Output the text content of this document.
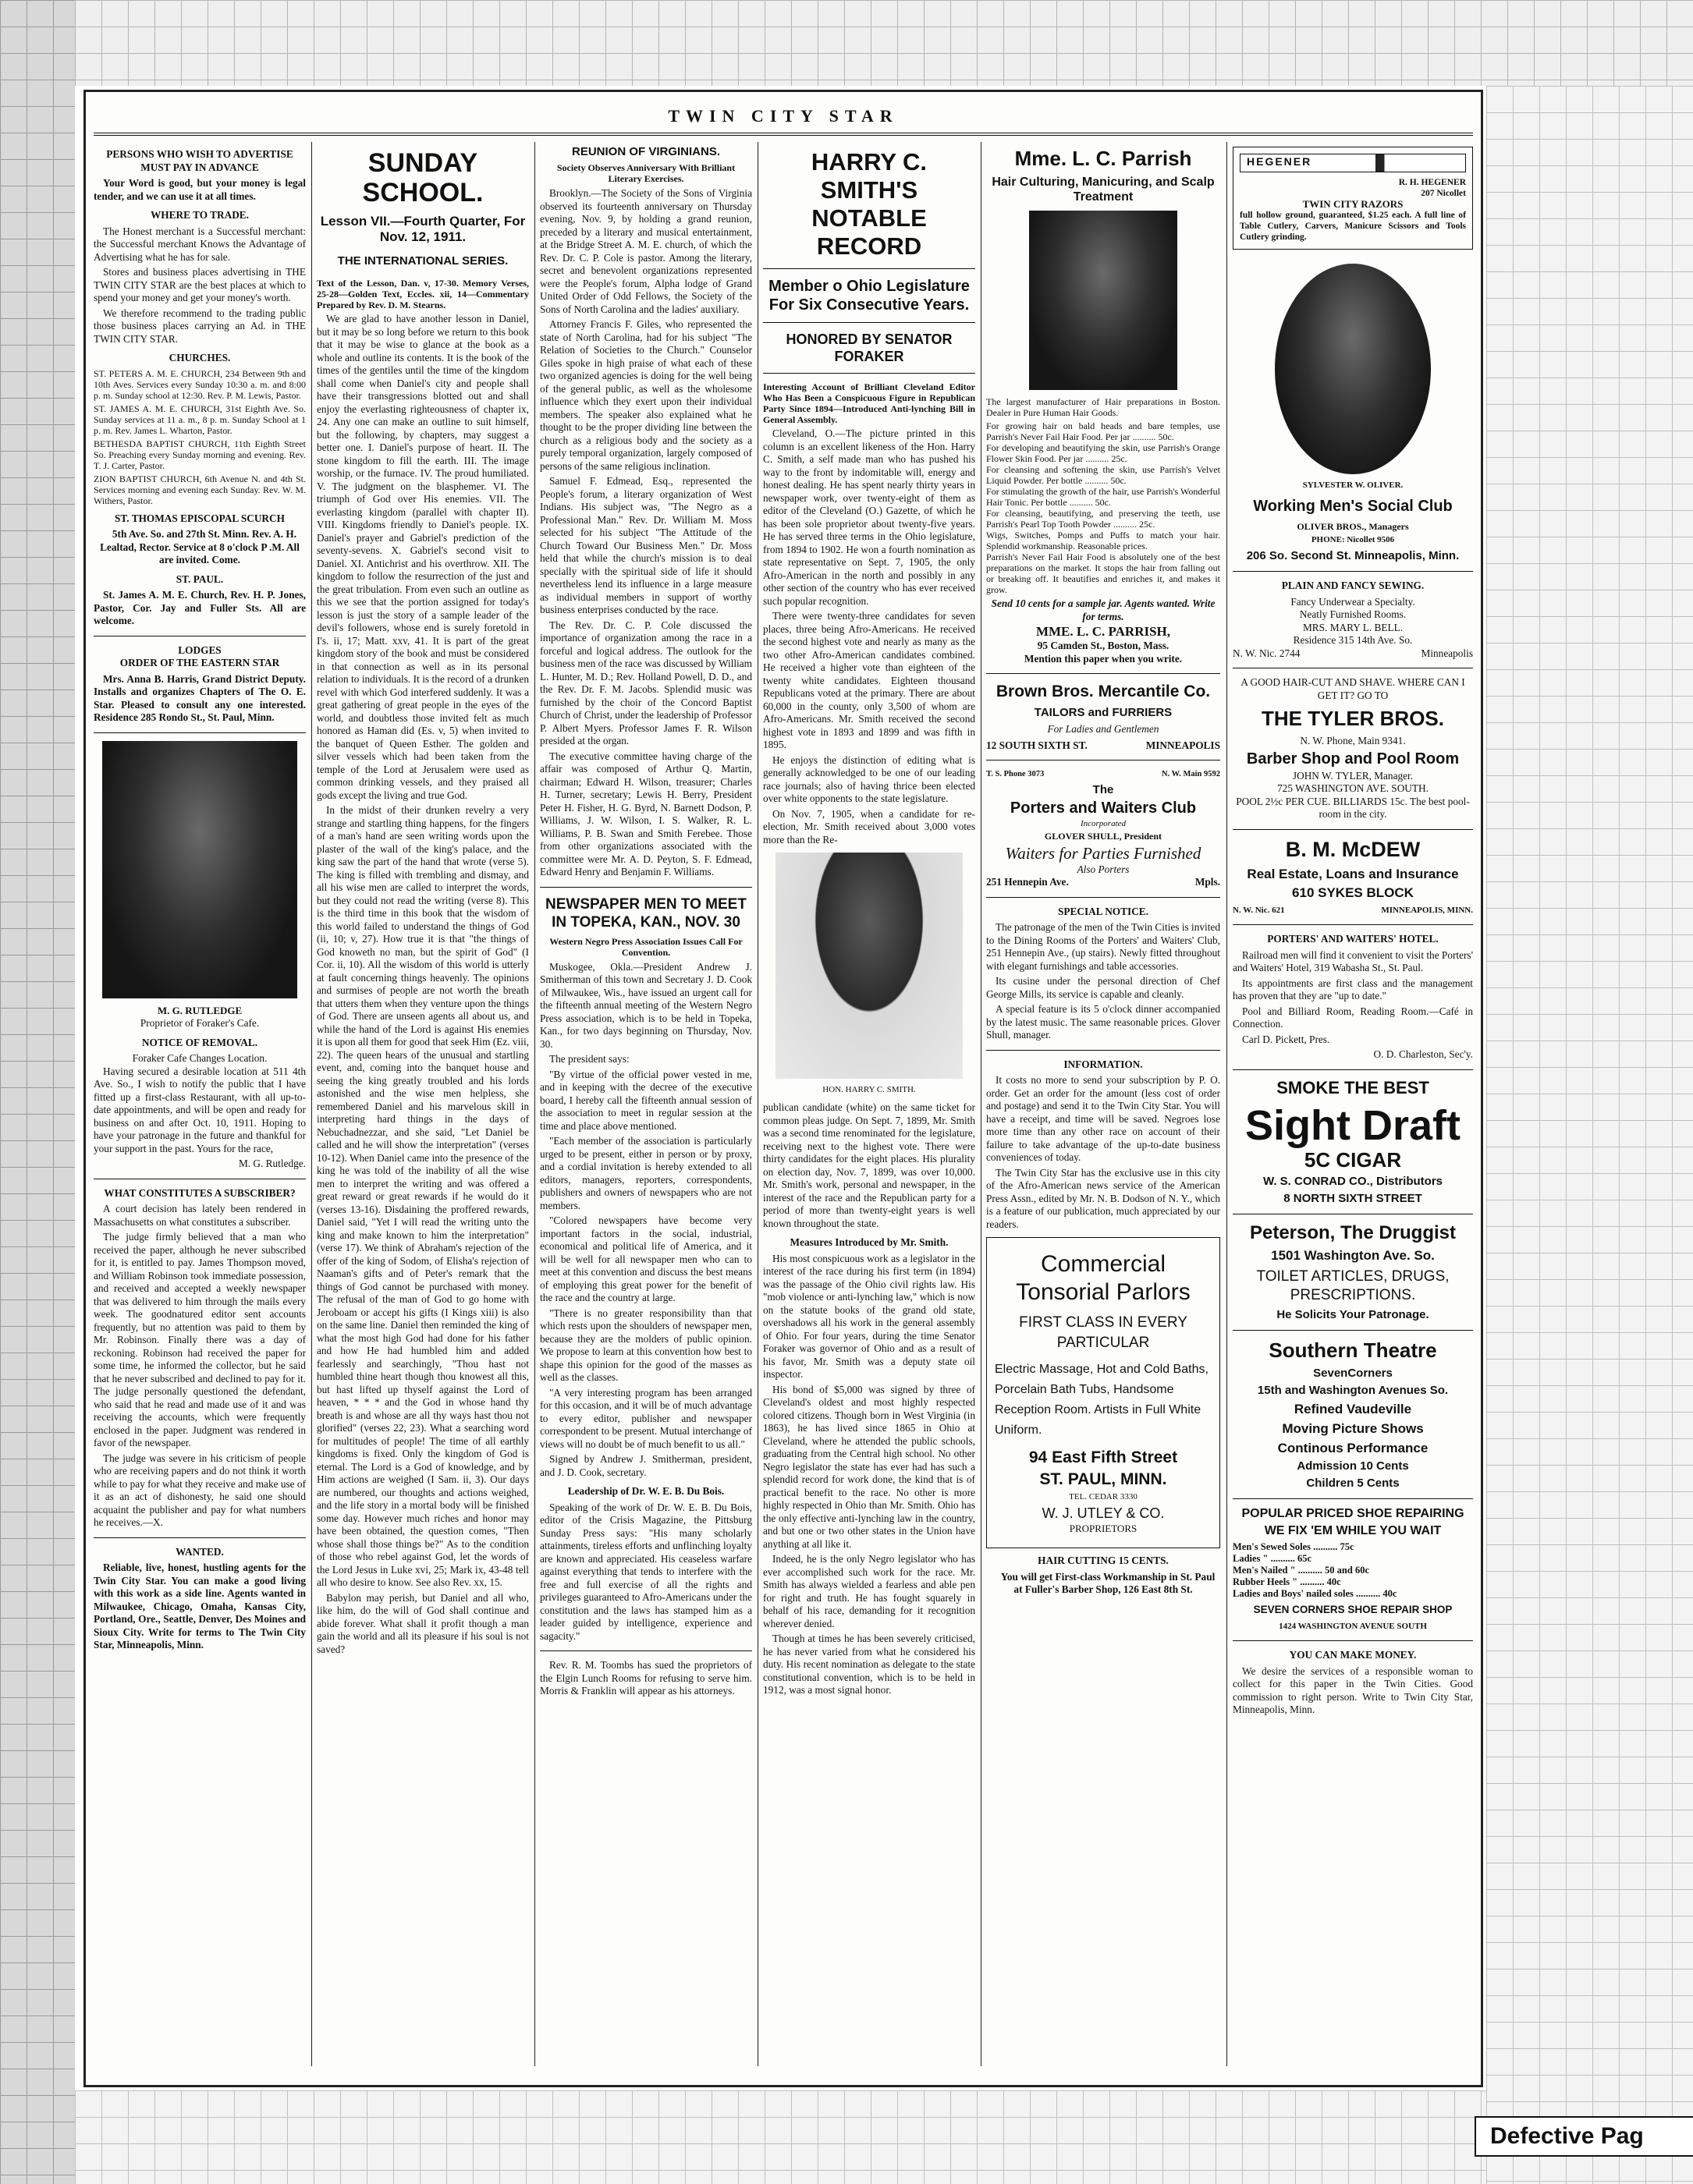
TWIN CITY STAR
PERSONS WHO WISH TO ADVERTISE MUST PAY IN ADVANCE

Your Word is good, but your money is legal tender, and we can use it at all times.

WHERE TO TRADE.

The Honest merchant is a Successful merchant: the Successful merchant Knows the Advantage of Advertising what he has for sale.

Stores and business places advertising in THE TWIN CITY STAR are the best places at which to spend your money and get your money's worth.

We therefore recommend to the trading public those business places carrying an Ad. in THE TWIN CITY STAR.

CHURCHES.

ST. PETERS A. M. E. CHURCH, 234 Between 9th and 10th Aves. Services every Sunday 10:30 a. m. and 8:00 p. m. Sunday school at 12:30. Rev. P. M. Lewis, Pastor.

ST. JAMES A. M. E. CHURCH, 31st Eighth Ave. So. Sunday services at 11 a. m., 8 p. m. Sunday School at 1 p. m. Rev. James L. Wharton, Pastor.

BETHESDA BAPTIST CHURCH, 11th Eighth Street So. Preaching every Sunday morning and evening. Rev. T. J. Carter, Pastor.

ZION BAPTIST CHURCH, 6th Avenue N. and 4th St. Services morning and evening each Sunday. Rev. W. M. Withers, Pastor.

ST. THOMAS EPISCOPAL SCURCH

5th Ave. So. and 27th St. Minn. Rev. A. H. Lealtad, Rector. Service at 8 o'clock P .M. All are invited. Come.

ST. PAUL.

St. James A. M. E. Church, Rev. H. P. Jones, Pastor, Cor. Jay and Fuller Sts. All are welcome.

LODGES
ORDER OF THE EASTERN STAR

Mrs. Anna B. Harris, Grand District Deputy. Installs and organizes Chapters of The O. E. Star. Pleased to consult any one interested. Residence 285 Rondo St., St. Paul, Minn.

M. G. RUTLEDGE
Proprietor of Foraker's Cafe.
NOTICE OF REMOVAL.
Foraker Cafe Changes Location.

Having secured a desirable location at 511 4th Ave. So., I wish to notify the public that I have fitted up a first-class Restaurant, with all up-to-date appointments, and will be open and ready for business on and after Oct. 10, 1911. Hoping to have your patronage in the future and thankful for your support in the past. Yours for the race,

M. G. Rutledge.

WHAT CONSTITUTES A SUBSCRIBER?

A court decision has lately been rendered in Massachusetts on what constitutes a subscriber.

The judge firmly believed that a man who received the paper, although he never subscribed for it, is entitled to pay. James Thompson moved, and William Robinson took immediate possession, and received and accepted a weekly newspaper that was delivered to him through the mails every week. The goodnatured editor sent accounts frequently, but no attention was paid to them by Mr. Robinson. Finally there was a day of reckoning. Robinson had received the paper for some time, he informed the collector, but he said that he never subscribed and declined to pay for it. The judge personally questioned the defendant, who said that he read and made use of it and was receiving the accounts, which were frequently enclosed in the paper. Judgment was rendered in favor of the newspaper.

The judge was severe in his criticism of people who are receiving papers and do not think it worth while to pay for what they receive and make use of it as an act of dishonesty, he said one should acquaint the publisher and pay for what numbers he receives.—X.

WANTED.

Reliable, live, honest, hustling agents for the Twin City Star. You can make a good living with this work as a side line. Agents wanted in Milwaukee, Chicago, Omaha, Kansas City, Portland, Ore., Seattle, Denver, Des Moines and Sioux City. Write for terms to The Twin City Star, Minneapolis, Minn.

SUNDAY SCHOOL.
Lesson VII.—Fourth Quarter, For Nov. 12, 1911.
THE INTERNATIONAL SERIES.

Text of the Lesson, Dan. v, 17-30. Memory Verses, 25-28—Golden Text, Eccles. xii, 14—Commentary Prepared by Rev. D. M. Stearns.

We are glad to have another lesson in Daniel, but it may be so long before we return to this book that it may be wise to glance at the book as a whole and outline its contents. It is the book of the times of the gentiles until the time of the kingdom shall come when Daniel's city and people shall have their transgressions blotted out and shall enjoy the everlasting righteousness of chapter ix, 24. Any one can make an outline to suit himself, but the following, by chapters, may suggest a better one. I. Daniel's purpose of heart. II. The stone kingdom to fill the earth. III. The image worship, or the furnace. IV. The proud humiliated. V. The judgment on the blasphemer. VI. The triumph of God over His enemies. VII. The everlasting kingdom (parallel with chapter II). VIII. Kingdoms friendly to Daniel's people. IX. Daniel's prayer and Gabriel's prediction of the seventy-sevens. X. Gabriel's second visit to Daniel. XI. Antichrist and his overthrow. XII. The kingdom to follow the resurrection of the just and the great tribulation. From even such an outline as this we see that the portion assigned for today's lesson is just the story of a sample leader of the devil's followers, whose end is surely foretold in I's. ii, 17; Matt. xxv, 41. It is part of the great kingdom story of the book and must be considered in that connection as well as in its personal relation to individuals. It is the record of a drunken revel with which God interfered suddenly. It was a great gathering of great people in the eyes of the world, and doubtless those invited felt as much honored as Haman did (Es. v, 5) when invited to the banquet of Queen Esther. The golden and silver vessels which had been taken from the temple of the Lord at Jerusalem were used as common drinking vessels, and they praised all gods except the living and true God.

In the midst of their drunken revelry a very strange and startling thing happens, for the fingers of a man's hand are seen writing words upon the plaster of the wall of the king's palace, and the king saw the part of the hand that wrote (verse 5). The king is filled with trembling and dismay, and all his wise men are called to interpret the words, but they could not read the writing (verse 8). This is the third time in this book that the wisdom of this world failed to understand the things of God (ii, 10; v, 27). How true it is that "the things of God knoweth no man, but the spirit of God" (I Cor. ii, 10). All the wisdom of this world is utterly at fault concerning things heavenly. The opinions and surmises of people are not worth the breath that utters them when they venture upon the things of God. There are unseen agents all about us, and while the hand of the Lord is against His enemies it is upon all them for good that seek Him (Ez. viii, 22). The queen hears of the unusual and startling event, and, coming into the banquet house and seeing the king greatly troubled and his lords astonished and the wise men helpless, she remembered Daniel and his marvelous skill in interpreting hard things in the days of Nebuchadnezzar, and she said, "Let Daniel be called and he will show the interpretation" (verses 10-12). When Daniel came into the presence of the king he was told of the inability of all the wise men to interpret the writing and was offered a great reward or great rewards if he would do it (verses 13-16). Disdaining the proffered rewards, Daniel said, "Yet I will read the writing unto the king and make known to him the interpretation" (verse 17). We think of Abraham's rejection of the offer of the king of Sodom, of Elisha's rejection of Naaman's gifts and of Peter's remark that the things of God cannot be purchased with money. The refusal of the man of God to go home with Jeroboam or accept his gifts (I Kings xiii) is also on the same line. Daniel then reminded the king of what the most high God had done for his father and how He had humbled him and added fearlessly and searchingly, "Thou hast not humbled thine heart though thou knowest all this, but hast lifted up thyself against the Lord of heaven, * * * and the God in whose hand thy breath is and whose are all thy ways hast thou not glorified" (verses 22, 23). What a searching word for multitudes of people! The time of all earthly kingdoms is fixed. Only the kingdom of God is eternal. The Lord is a God of knowledge, and by Him actions are weighed (I Sam. ii, 3). Our days are numbered, our thoughts and actions weighed, and the life story in a mortal body will be finished some day. However much riches and honor may have been obtained, the question comes, "Then whose shall those things be?" As to the condition of those who rebel against God, let the words of the Lord Jesus in Luke xvi, 25; Mark ix, 43-48 tell all who desire to know. See also Rev. xx, 15.

Babylon may perish, but Daniel and all who, like him, do the will of God shall continue and abide forever. What shall it profit though a man gain the world and all its pleasure if his soul is not saved?

REUNION OF VIRGINIANS.
Society Observes Anniversary With Brilliant Literary Exercises.

Brooklyn.—The Society of the Sons of Virginia observed its fourteenth anniversary on Thursday evening, Nov. 9, by holding a grand reunion, preceded by a literary and musical entertainment, at the Bridge Street A. M. E. church, of which the Rev. Dr. C. P. Cole is pastor. Among the literary, secret and benevolent organizations represented were the People's forum, Alpha lodge of Grand United Order of Odd Fellows, the Society of the Sons of North Carolina and the ladies' auxiliary.

Attorney Francis F. Giles, who represented the state of North Carolina, had for his subject "The Relation of Societies to the Church." Counselor Giles spoke in high praise of what each of these two organized agencies is doing for the well being of the general public, as well as the wholesome influence which they exert upon their individual members. The speaker also explained what he thought to be the proper dividing line between the church as a religious body and the society as a purely temporal organization, largely composed of persons of the same religious inclination.

Samuel F. Edmead, Esq., represented the People's forum, a literary organization of West Indians. His subject was, "The Negro as a Professional Man." Rev. Dr. William M. Moss selected for his subject "The Attitude of the Church Toward Our Business Men." Dr. Moss held that while the church's mission is to deal specially with the spiritual side of life it should nevertheless lend its influence in a large measure as individual members in support of worthy business enterprises conducted by the race.

The Rev. Dr. C. P. Cole discussed the importance of organization among the race in a forceful and logical address. The outlook for the business men of the race was discussed by William L. Hunter, M. D.; Rev. Holland Powell, D. D., and the Rev. Dr. F. M. Jacobs. Splendid music was furnished by the choir of the Concord Baptist Church of Christ, under the leadership of Professor P. Albert Myers. Professor James F. R. Wilson presided at the organ.

The executive committee having charge of the affair was composed of Arthur Q. Martin, chairman; Edward H. Wilson, treasurer; Charles H. Turner, secretary; Lewis H. Berry, President Peter H. Fisher, H. G. Byrd, N. Barnett Dodson, P. Williams, J. W. Wilson, I. S. Walker, R. L. Williams, P. B. Swan and Smith Ferebee. Those from other organizations associated with the committee were Mr. A. D. Peyton, S. F. Edmead, Edward Henry and Benjamin F. Williams.

NEWSPAPER MEN TO MEET IN TOPEKA, KAN., NOV. 30
Western Negro Press Association Issues Call For Convention.

Muskogee, Okla.—President Andrew J. Smitherman of this town and Secretary J. D. Cook of Milwaukee, Wis., have issued an urgent call for the fifteenth annual meeting of the Western Negro Press association, which is to be held in Topeka, Kan., for two days beginning on Thursday, Nov. 30.

The president says:

"By virtue of the official power vested in me, and in keeping with the decree of the executive board, I hereby call the fifteenth annual session of the association to meet in regular session at the time and place above mentioned.

"Each member of the association is particularly urged to be present, either in person or by proxy, and a cordial invitation is hereby extended to all editors, managers, reporters, correspondents, publishers and owners of newspapers who are not members.

"Colored newspapers have become very important factors in the social, industrial, economical and political life of America, and it will be well for all newspaper men who can to meet at this convention and discuss the best means of employing this great power for the benefit of the race and the country at large.

"There is no greater responsibility than that which rests upon the shoulders of newspaper men, because they are the molders of public opinion. We propose to learn at this convention how best to shape this opinion for the good of the masses as well as the classes.

"A very interesting program has been arranged for this occasion, and it will be of much advantage to every editor, publisher and newspaper correspondent to be present. Mutual interchange of views will no doubt be of much benefit to us all."

Signed by Andrew J. Smitherman, president, and J. D. Cook, secretary.

Leadership of Dr. W. E. B. Du Bois.

Speaking of the work of Dr. W. E. B. Du Bois, editor of the Crisis Magazine, the Pittsburg Sunday Press says: "His many scholarly attainments, tireless efforts and unflinching loyalty are known and appreciated. His ceaseless warfare against everything that tends to interfere with the free and full exercise of all the rights and privileges guaranteed to Afro-Americans under the constitution and the laws has stamped him as a leader guided by intelligence, experience and sagacity."

Rev. R. M. Toombs has sued the proprietors of the Elgin Lunch Rooms for refusing to serve him. Morris & Franklin will appear as his attorneys.

HARRY C. SMITH'S NOTABLE RECORD
Member o Ohio Legislature For Six Consecutive Years.
HONORED BY SENATOR FORAKER

Interesting Account of Brilliant Cleveland Editor Who Has Been a Conspicuous Figure in Republican Party Since 1894—Introduced Anti-lynching Bill in General Assembly.

Cleveland, O.—The picture printed in this column is an excellent likeness of the Hon. Harry C. Smith, a self made man who has pushed his way to the front by indomitable will, energy and honest dealing. He has spent nearly thirty years in newspaper work, over twenty-eight of them as editor of the Cleveland (O.) Gazette, of which he has been sole proprietor about twenty-five years. He has served three terms in the Ohio legislature, from 1894 to 1902. He won a fourth nomination as state representative on Sept. 7, 1905, the only Afro-American in the north and possibly in any other section of the country who has ever received such popular recognition.

There were twenty-three candidates for seven places, three being Afro-Americans. He received the second highest vote and nearly as many as the two other Afro-American candidates combined. He received a higher vote than eighteen of the twenty white candidates. Eighteen thousand Republicans voted at the primary. There are about 60,000 in the county, only 3,500 of whom are Afro-Americans. Mr. Smith received the second highest vote in 1893 and 1899 and was fifth in 1895.

He enjoys the distinction of editing what is generally acknowledged to be one of our leading race journals; also of having thrice been elected over white opponents to the state legislature.

On Nov. 7, 1905, when a candidate for re-election, Mr. Smith received about 3,000 votes more than the Re-

HON. HARRY C. SMITH.

publican candidate (white) on the same ticket for common pleas judge. On Sept. 7, 1899, Mr. Smith was a second time renominated for the legislature, receiving next to the highest vote. There were thirty candidates for the eight places. His plurality on election day, Nov. 7, 1899, was over 10,000. Mr. Smith's work, personal and newspaper, in the interest of the race and the Republican party for a period of more than twenty-eight years is well known throughout the state.

Measures Introduced by Mr. Smith.

His most conspicuous work as a legislator in the interest of the race during his first term (in 1894) was the passage of the Ohio civil rights law. His "mob violence or anti-lynching law," which is now on the statute books of the grand old state, overshadows all his work in the general assembly of Ohio. For four years, during the time Senator Foraker was governor of Ohio and as a result of his favor, Mr. Smith was a deputy state oil inspector.

His bond of $5,000 was signed by three of Cleveland's oldest and most highly respected colored citizens. Though born in West Virginia (in 1863), he has lived since 1865 in Ohio at Cleveland, where he attended the public schools, graduating from the Central high school. No other Negro legislator the state has ever had has such a splendid record for work done, the kind that is of practical benefit to the race. No other is more highly respected in Ohio than Mr. Smith. Ohio has the only effective anti-lynching law in the country, and but one or two other states in the Union have anything at all like it.

Indeed, he is the only Negro legislator who has ever accomplished such work for the race. Mr. Smith has always wielded a fearless and able pen for right and truth. He has fought squarely in behalf of his race, demanding for it recognition wherever denied.

Though at times he has been severely criticised, he has never varied from what he considered his duty. His recent nomination as delegate to the state constitutional convention, which is to be held in 1912, was a most signal honor.

Mme. L. C. Parrish
Hair Culturing, Manicuring, and Scalp Treatment

The largest manufacturer of Hair preparations in Boston. Dealer in Pure Human Hair Goods.

For growing hair on bald heads and bare temples, use Parrish's Never Fail Hair Food. Per jar .......... 50c.

For developing and beautifying the skin, use Parrish's Orange Flower Skin Food. Per jar .......... 25c.

For cleansing and softening the skin, use Parrish's Velvet Liquid Powder. Per bottle .......... 50c.

For stimulating the growth of the hair, use Parrish's Wonderful Hair Tonic. Per bottle .......... 50c.

For cleansing, beautifying, and preserving the teeth, use Parrish's Pearl Top Tooth Powder .......... 25c.

Wigs, Switches, Pomps and Puffs to match your hair. Splendid workmanship. Reasonable prices.

Parrish's Never Fail Hair Food is absolutely one of the best preparations on the market. It stops the hair from falling out or breaking off. It beautifies and enriches it, and makes it grow.

Send 10 cents for a sample jar. Agents wanted. Write for terms.
MME. L. C. PARRISH,
95 Camden St., Boston, Mass.
Mention this paper when you write.
Brown Bros. Mercantile Co.
TAILORS and FURRIERS
For Ladies and Gentlemen
12 SOUTH SIXTH ST.	MINNEAPOLIS
T. S. Phone 3073	N. W. Main 9592
The
Porters and Waiters Club
Incorporated
GLOVER SHULL, President
Waiters for Parties Furnished
Also Porters
251 Hennepin Ave.	Mpls.
SPECIAL NOTICE.

The patronage of the men of the Twin Cities is invited to the Dining Rooms of the Porters' and Waiters' Club, 251 Hennepin Ave., (up stairs). Newly fitted throughout with elegant furnishings and table accessories.

Its cusine under the personal direction of Chef George Mills, its service is capable and cleanly.

A special feature is its 5 o'clock dinner accompanied by the latest music. The same reasonable prices. Glover Shull, manager.

INFORMATION.

It costs no more to send your subscription by P. O. order. Get an order for the amount (less cost of order and postage) and send it to the Twin City Star. You will have a receipt, and time will be saved. Negroes lose more time than any other race on account of their failure to take advantage of the up-to-date business conveniences of today.

The Twin City Star has the exclusive use in this city of the Afro-American news service of the American Press Assn., edited by Mr. N. B. Dodson of N. Y., which is a feature of our publication, much appreciated by our readers.

Commercial Tonsorial Parlors
FIRST CLASS IN EVERY PARTICULAR
Electric Massage, Hot and Cold Baths, Porcelain Bath Tubs, Handsome Reception Room. Artists in Full White Uniform.
94 East Fifth Street
ST. PAUL, MINN.
TEL. CEDAR 3330
W. J. UTLEY & CO.
PROPRIETORS
HAIR CUTTING 15 CENTS.

You will get First-class Workmanship in St. Paul at Fuller's Barber Shop, 126 East 8th St.

HEGENER
R. H. HEGENER
207 Nicollet
TWIN CITY RAZORS
full hollow ground, guaranteed, $1.25 each. A full line of Table Cutlery, Carvers, Manicure Scissors and Tools Cutlery grinding.
SYLVESTER W. OLIVER.
Working Men's Social Club
OLIVER BROS., Managers
PHONE: Nicollet 9506
206 So. Second St. Minneapolis, Minn.
PLAIN AND FANCY SEWING.
Fancy Underwear a Specialty.
Neatly Furnished Rooms.
MRS. MARY L. BELL.
Residence 315 14th Ave. So.
N. W. Nic. 2744	Minneapolis
A GOOD HAIR-CUT AND SHAVE. WHERE CAN I GET IT? GO TO
THE TYLER BROS.
N. W. Phone, Main 9341.
Barber Shop and Pool Room
JOHN W. TYLER, Manager.
725 WASHINGTON AVE. SOUTH.
POOL 2½c PER CUE. BILLIARDS 15c. The best pool-room in the city.
B. M. McDEW
Real Estate, Loans and Insurance
610 SYKES BLOCK
N. W. Nic. 621	MINNEAPOLIS, MINN.
PORTERS' AND WAITERS' HOTEL.

Railroad men will find it convenient to visit the Porters' and Waiters' Hotel, 319 Wabasha St., St. Paul.

Its appointments are first class and the management has proven that they are "up to date."

Pool and Billiard Room, Reading Room.—Café in Connection.

Carl D. Pickett, Pres.

O. D. Charleston, Sec'y.

SMOKE THE BEST
Sight Draft
5C CIGAR
W. S. CONRAD CO., Distributors
8 NORTH SIXTH STREET
Peterson, The Druggist
1501 Washington Ave. So.
TOILET ARTICLES, DRUGS, PRESCRIPTIONS.
He Solicits Your Patronage.
Southern Theatre
SevenCorners
15th and Washington Avenues So.
Refined Vaudeville
Moving Picture Shows
Continous Performance
Admission 10 Cents
Children 5 Cents
POPULAR PRICED SHOE REPAIRING
WE FIX 'EM WHILE YOU WAIT
Men's Sewed Soles .......... 75c
Ladies " .......... 65c
Men's Nailed " .......... 50 and 60c
Rubber Heels " .......... 40c
Ladies and Boys' nailed soles .......... 40c
SEVEN CORNERS SHOE REPAIR SHOP
1424 WASHINGTON AVENUE SOUTH
YOU CAN MAKE MONEY.

We desire the services of a responsible woman to collect for this paper in the Twin Cities. Good commission to right person. Write to Twin City Star, Minneapolis, Minn.

Defective Pag
